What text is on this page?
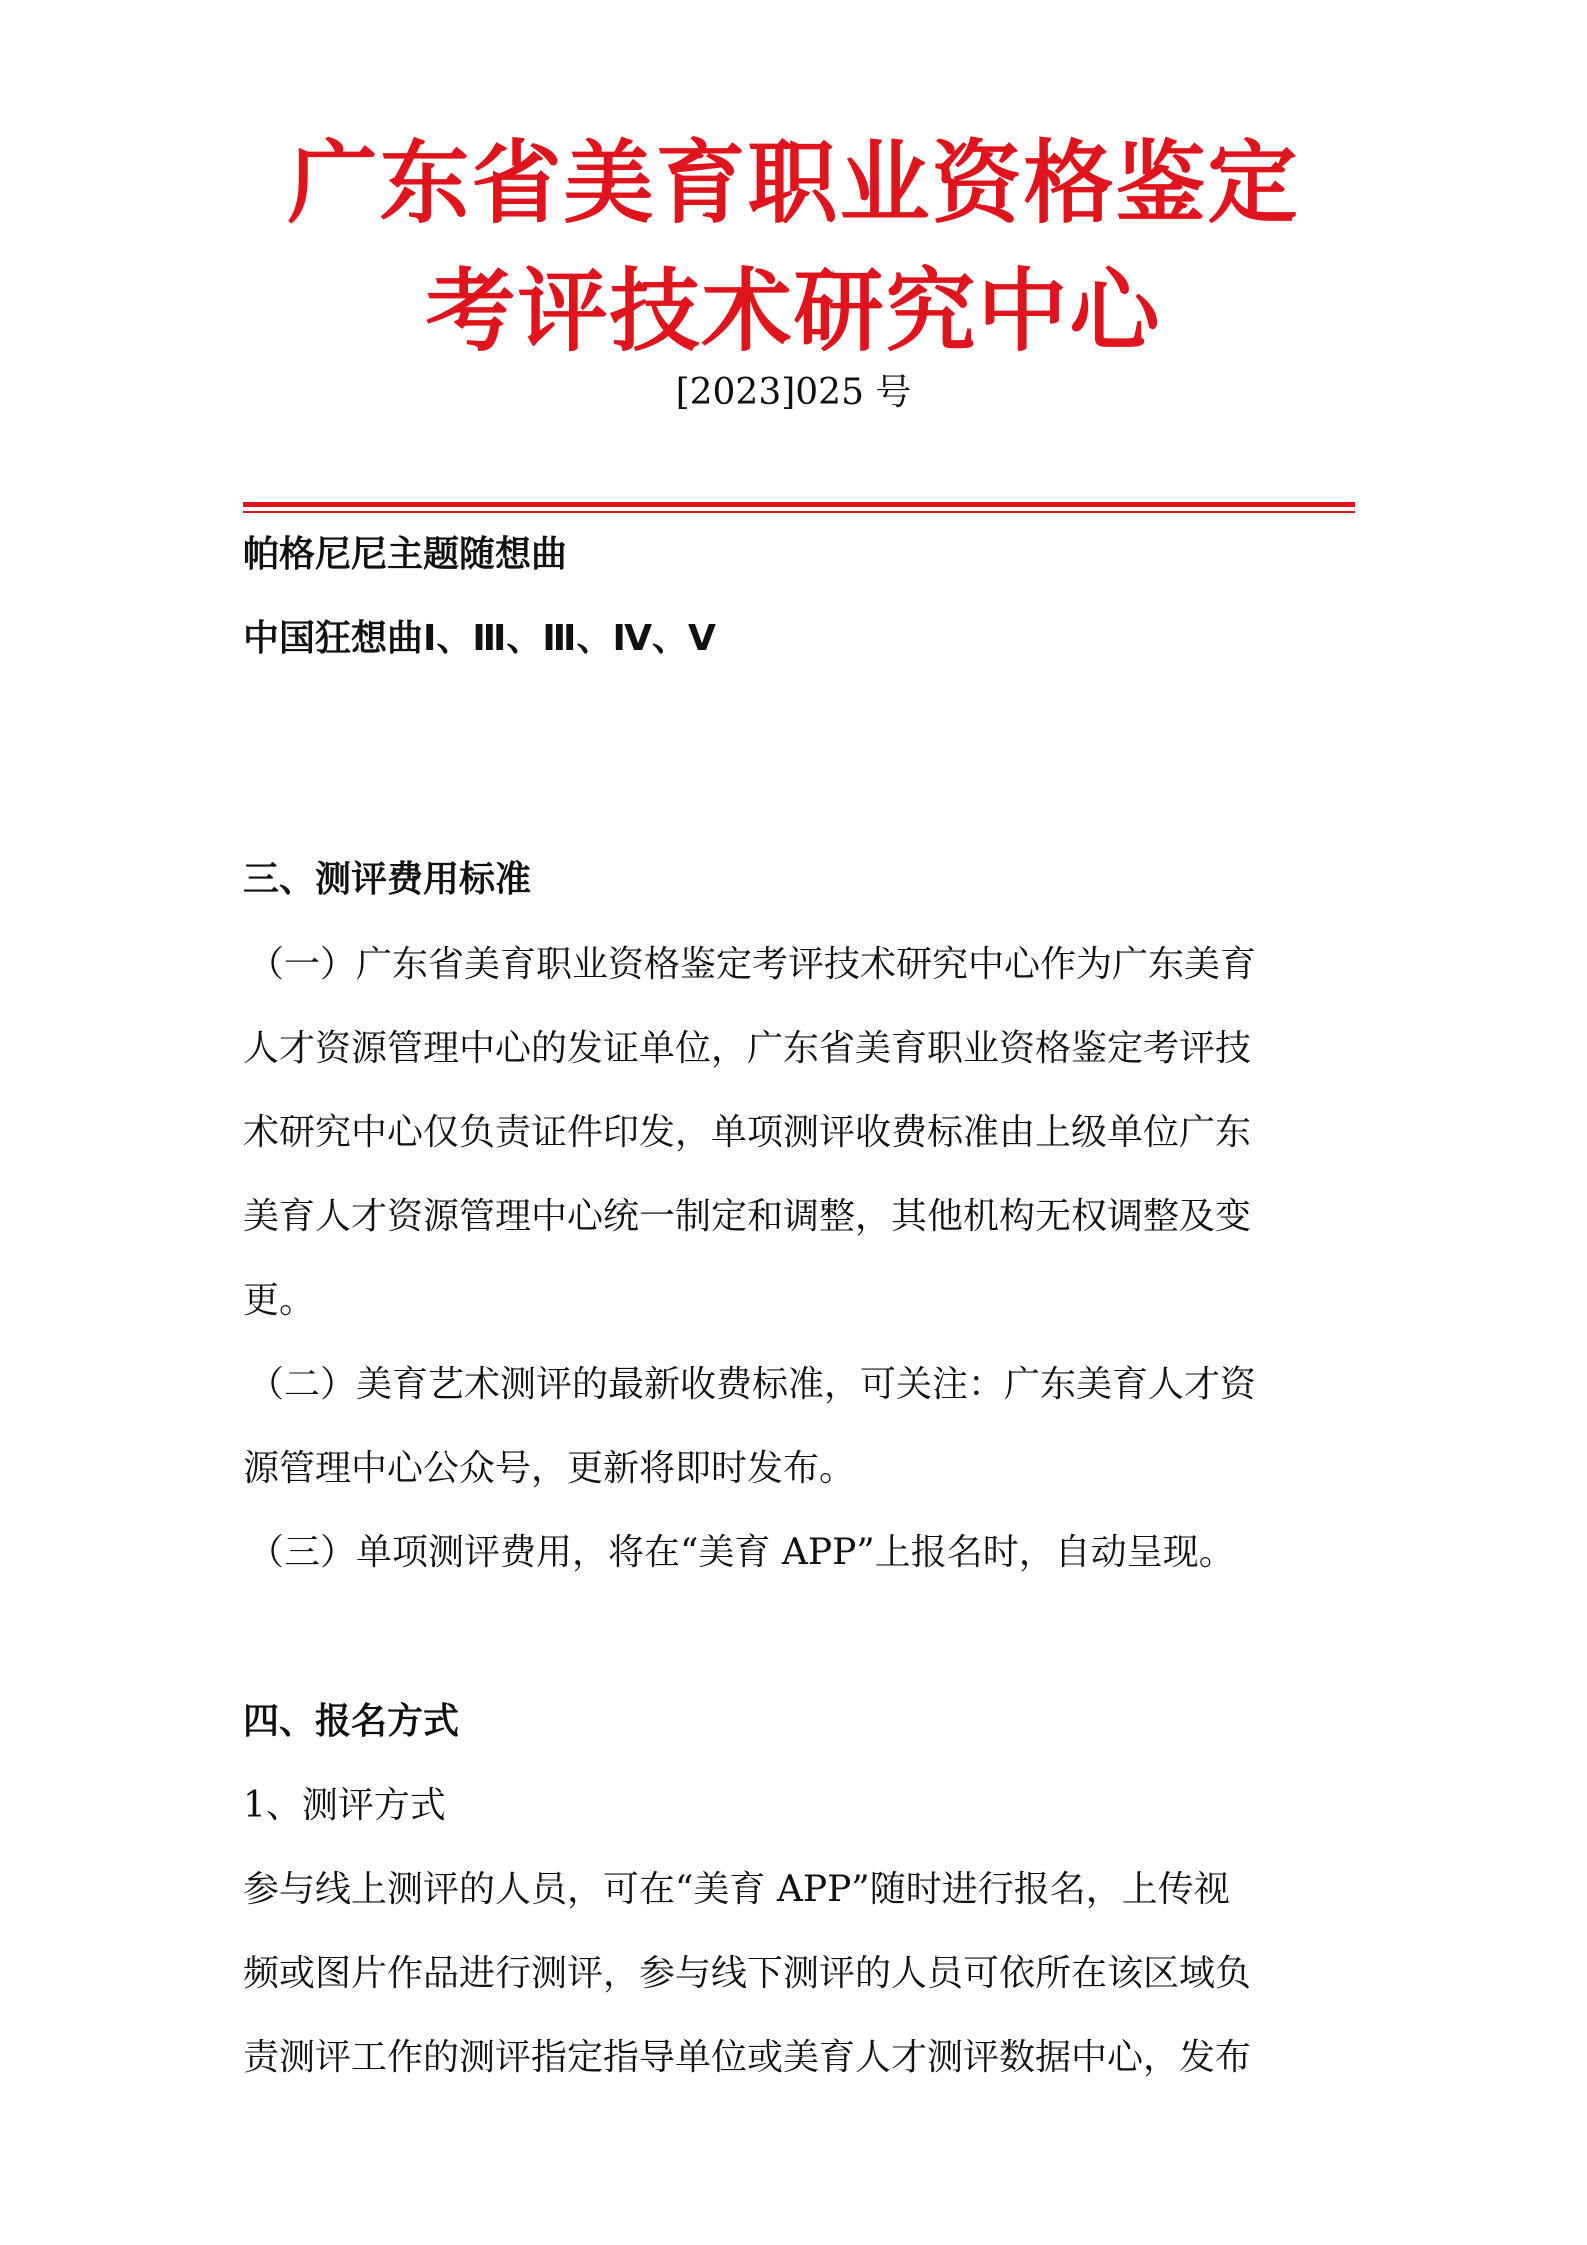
广东省美育职业资格鉴定
考评技术研究中心
[2023]025 号
帕格尼尼主题随想曲
中国狂想曲Ⅰ、Ⅲ、Ⅲ、Ⅳ、Ⅴ
三、测评费用标准
（一）广东省美育职业资格鉴定考评技术研究中心作为广东美育
人才资源管理中心的发证单位，广东省美育职业资格鉴定考评技
术研究中心仅负责证件印发，单项测评收费标准由上级单位广东
美育人才资源管理中心统一制定和调整，其他机构无权调整及变
更。
（二）美育艺术测评的最新收费标准，可关注：广东美育人才资
源管理中心公众号，更新将即时发布。
（三）单项测评费用，将在“美育 APP”上报名时，自动呈现。
四、报名方式
1、测评方式
参与线上测评的人员，可在“美育 APP”随时进行报名，上传视
频或图片作品进行测评，参与线下测评的人员可依所在该区域负
责测评工作的测评指定指导单位或美育人才测评数据中心，发布
